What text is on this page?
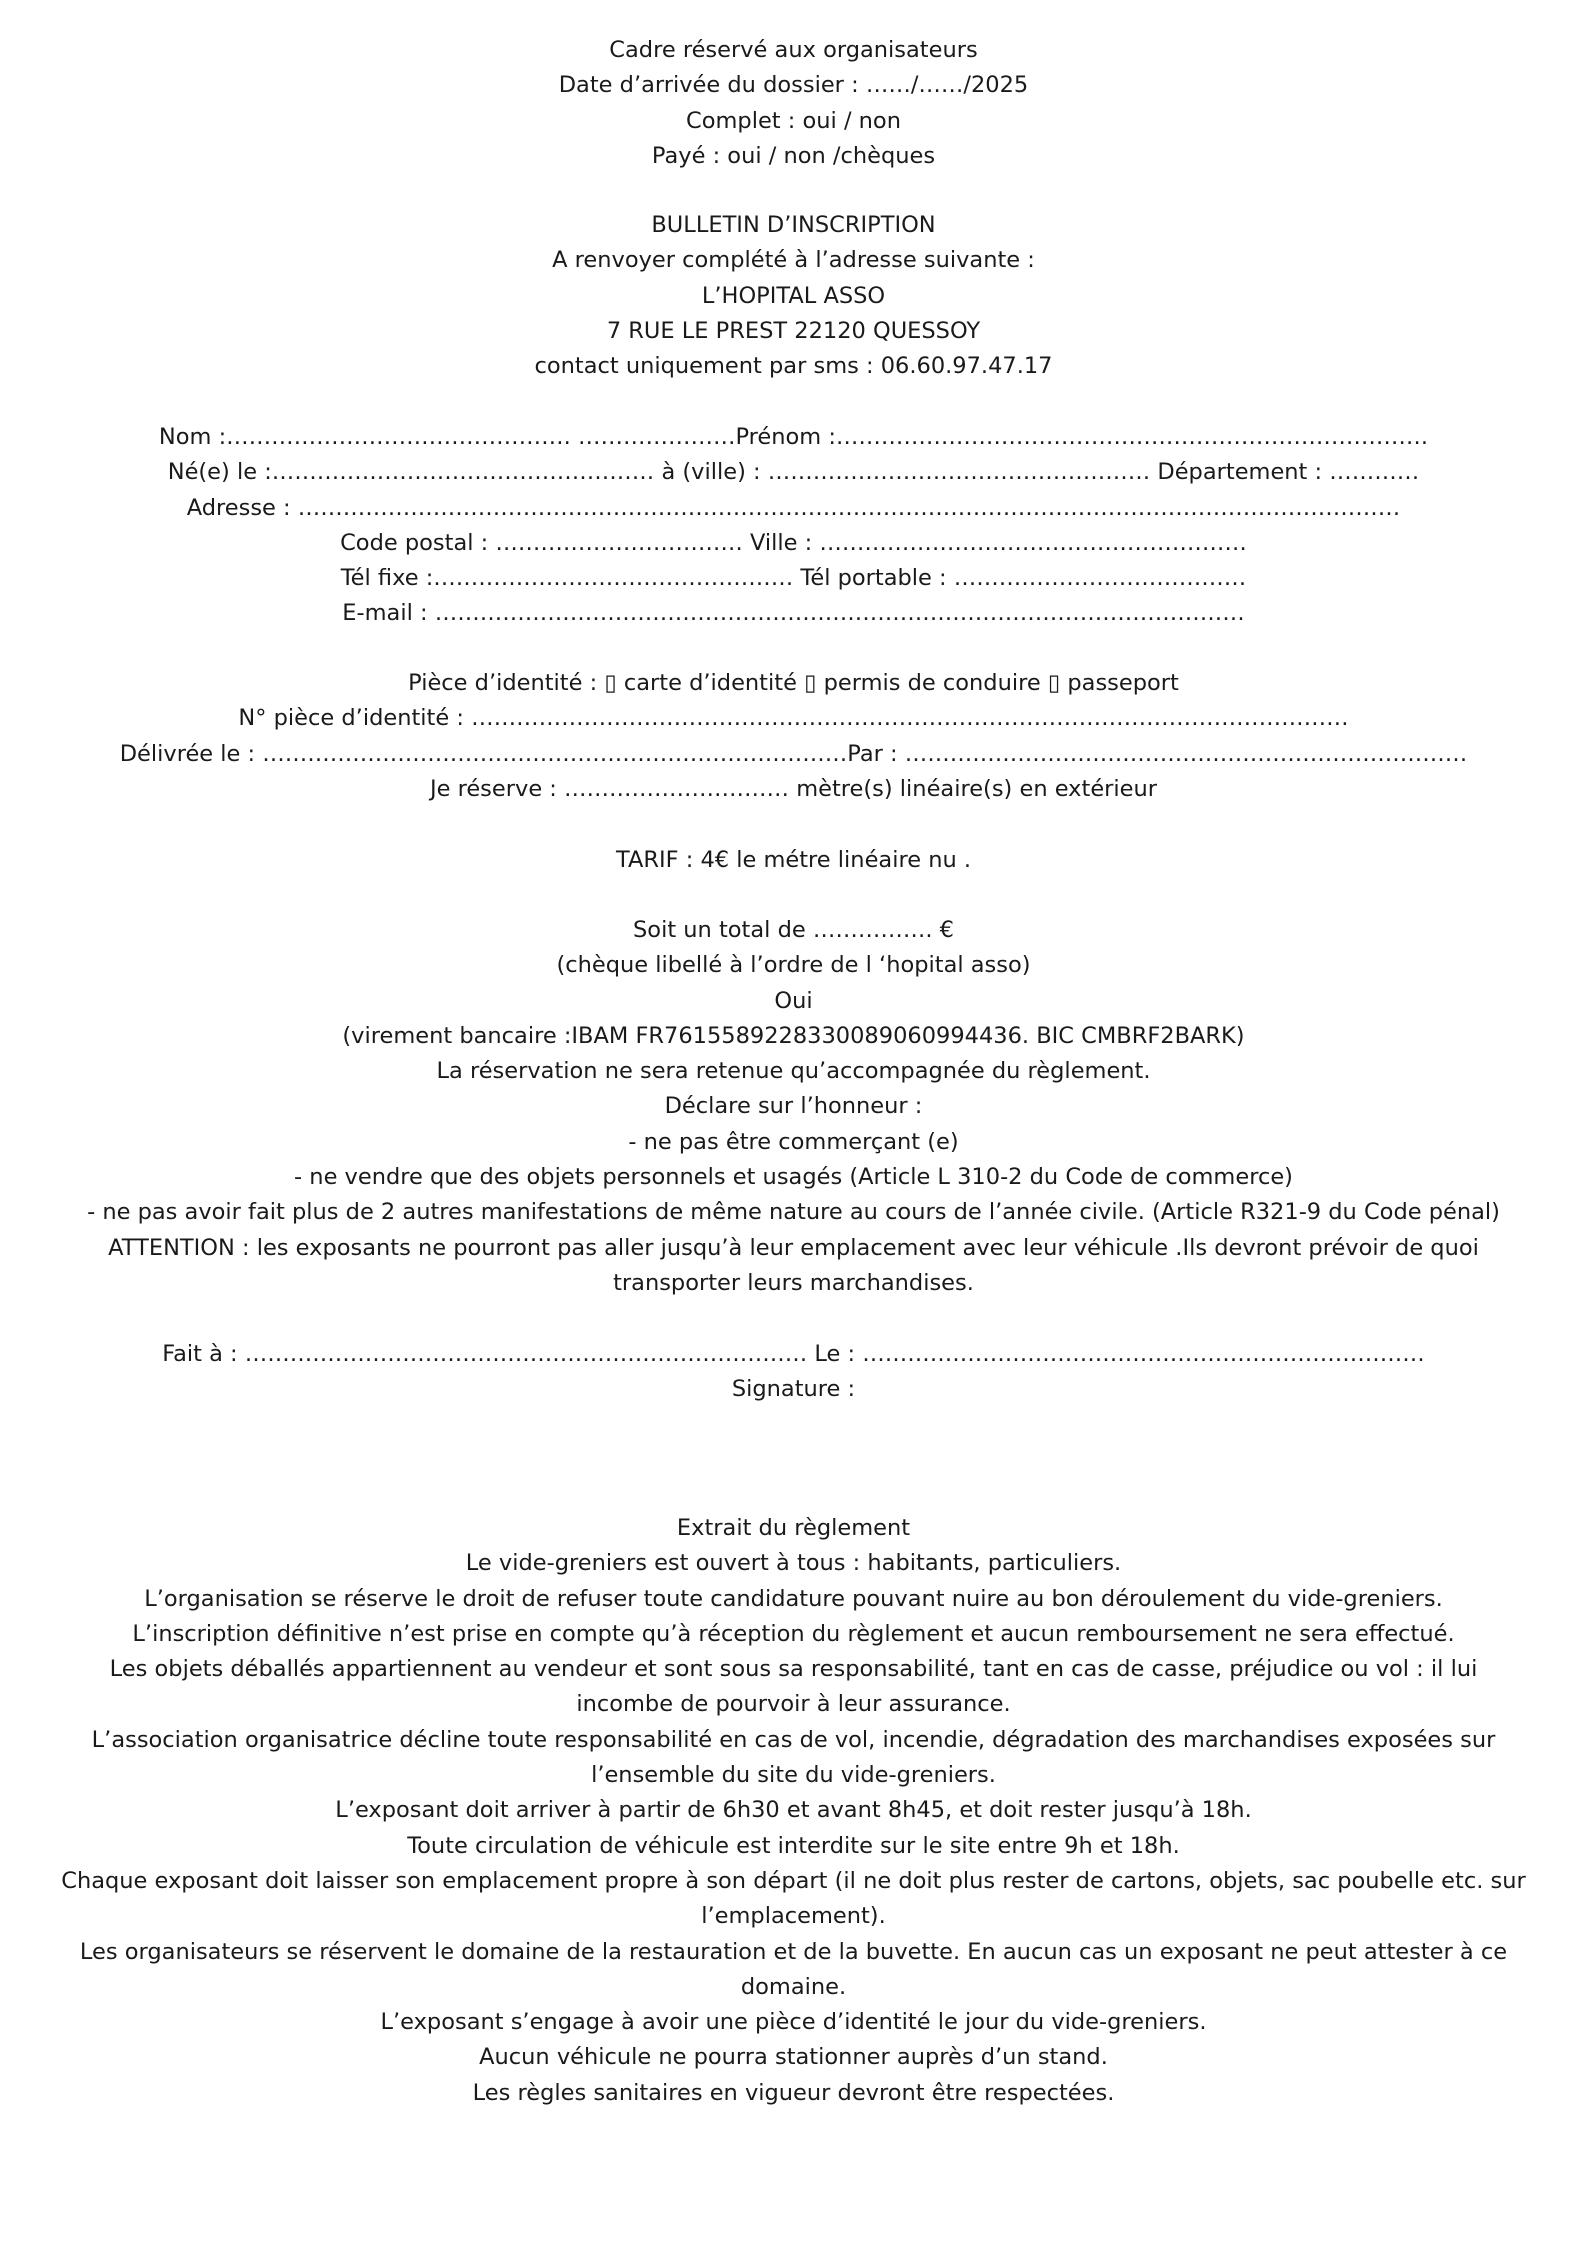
Cadre réservé aux organisateurs
Date d’arrivée du dossier : ……/……/2025
Complet : oui / non
Payé : oui / non /chèques
BULLETIN D’INSCRIPTION
A renvoyer complété à l’adresse suivante :
L’HOPITAL ASSO
7 RUE LE PREST 22120 QUESSOY
contact uniquement par sms : 06.60.97.47.17
Nom :………………………………………. …………………Prénom :…………………………………………………………………….
Né(e) le :…………………………………………… à (ville) : …………………………………………… Département : …………
Adresse : …………………………………………………………………………………………………………………………………
Code postal : …………………………… Ville : …………………………………………………
Tél fixe :………………………………………… Tél portable : …………………………………
E-mail : ………………………………………………………………………………………………
Pièce d’identité : ▯ carte d’identité ▯ permis de conduire ▯ passeport
N° pièce d’identité : ………………………………………………………………………………………………………
Délivrée le : ……………………………………………………………………Par : …………………………………………………………………
Je réserve : ………………………… mètre(s) linéaire(s) en extérieur
TARIF : 4€ le métre linéaire nu .
Soit un total de ……………. €
(chèque libellé à l’ordre de l ‘hopital asso)
Oui
(virement bancaire :IBAM FR7615589228330089060994436. BIC CMBRF2BARK)
La réservation ne sera retenue qu’accompagnée du règlement.
Déclare sur l’honneur :
- ne pas être commerçant (e)
- ne vendre que des objets personnels et usagés (Article L 310-2 du Code de commerce)
- ne pas avoir fait plus de 2 autres manifestations de même nature au cours de l’année civile. (Article R321-9 du Code pénal)
ATTENTION : les exposants ne pourront pas aller jusqu’à leur emplacement avec leur véhicule .Ils devront prévoir de quoi
transporter leurs marchandises.
Fait à : ………………………………………………………………… Le : …………………………………………………………………
Signature :
Extrait du règlement
Le vide-greniers est ouvert à tous : habitants, particuliers.
L’organisation se réserve le droit de refuser toute candidature pouvant nuire au bon déroulement du vide-greniers.
L’inscription définitive n’est prise en compte qu’à réception du règlement et aucun remboursement ne sera effectué.
Les objets déballés appartiennent au vendeur et sont sous sa responsabilité, tant en cas de casse, préjudice ou vol : il lui
incombe de pourvoir à leur assurance.
L’association organisatrice décline toute responsabilité en cas de vol, incendie, dégradation des marchandises exposées sur
l’ensemble du site du vide-greniers.
L’exposant doit arriver à partir de 6h30 et avant 8h45, et doit rester jusqu’à 18h.
Toute circulation de véhicule est interdite sur le site entre 9h et 18h.
Chaque exposant doit laisser son emplacement propre à son départ (il ne doit plus rester de cartons, objets, sac poubelle etc. sur
l’emplacement).
Les organisateurs se réservent le domaine de la restauration et de la buvette. En aucun cas un exposant ne peut attester à ce
domaine.
L’exposant s’engage à avoir une pièce d’identité le jour du vide-greniers.
Aucun véhicule ne pourra stationner auprès d’un stand.
Les règles sanitaires en vigueur devront être respectées.
